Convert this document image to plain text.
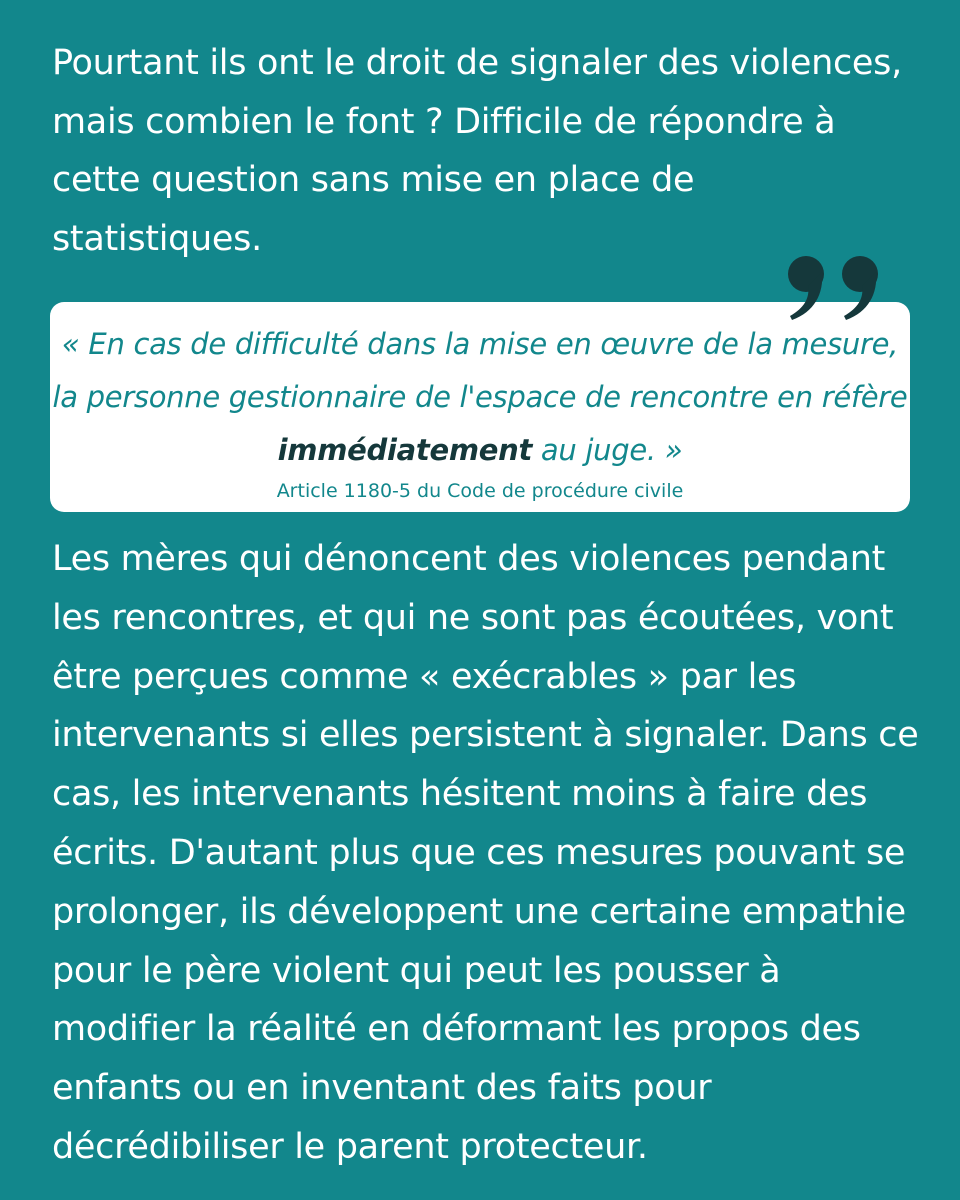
Pourtant ils ont le droit de signaler des violences, mais combien le font ? Difficile de répondre à cette question sans mise en place de statistiques.

« En cas de difficulté dans la mise en œuvre de la mesure, la personne gestionnaire de l'espace de rencontre en réfère immédiatement au juge. »

Article 1180-5 du Code de procédure civile

Les mères qui dénoncent des violences pendant les rencontres, et qui ne sont pas écoutées, vont être perçues comme « exécrables » par les intervenants si elles persistent à signaler. Dans ce cas, les intervenants hésitent moins à faire des écrits. D'autant plus que ces mesures pouvant se prolonger, ils développent une certaine empathie pour le père violent qui peut les pousser à modifier la réalité en déformant les propos des enfants ou en inventant des faits pour décrédibiliser le parent protecteur.
